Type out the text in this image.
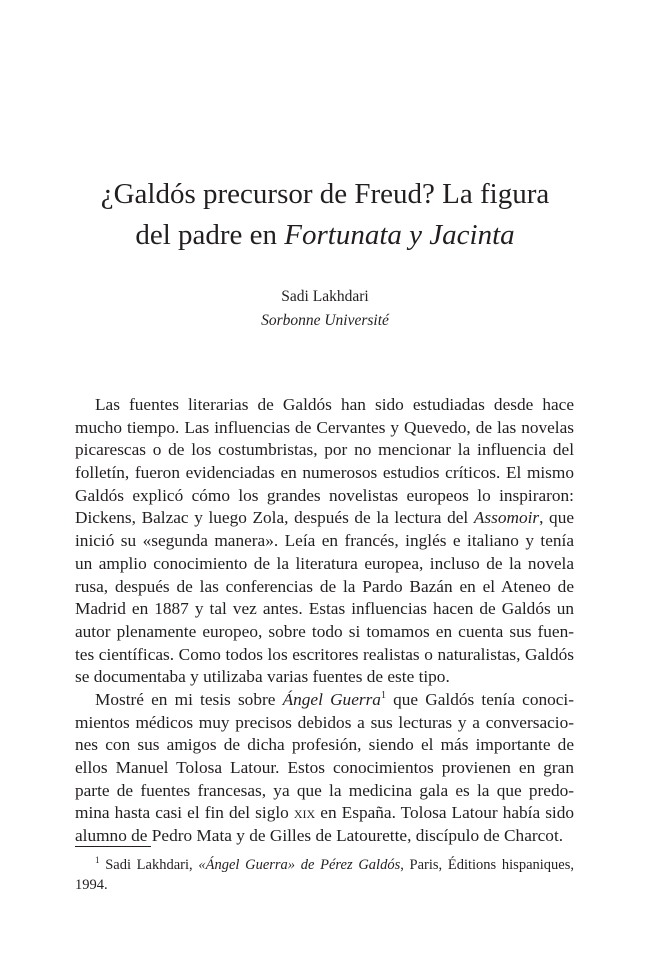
¿Galdós precursor de Freud? La figura
del padre en Fortunata y Jacinta
Sadi Lakhdari
Sorbonne Université
Las fuentes literarias de Galdós han sido estudiadas desde hace
mucho tiempo. Las influencias de Cervantes y Quevedo, de las novelas
picarescas o de los costumbristas, por no mencionar la influencia del
folletín, fueron evidenciadas en numerosos estudios críticos. El mismo
Galdós explicó cómo los grandes novelistas europeos lo inspiraron:
Dickens, Balzac y luego Zola, después de la lectura del Assomoir, que
inició su «segunda manera». Leía en francés, inglés e italiano y tenía
un amplio conocimiento de la literatura europea, incluso de la novela
rusa, después de las conferencias de la Pardo Bazán en el Ateneo de
Madrid en 1887 y tal vez antes. Estas influencias hacen de Galdós un
autor plenamente europeo, sobre todo si tomamos en cuenta sus fuen-
tes científicas. Como todos los escritores realistas o naturalistas, Galdós
se documentaba y utilizaba varias fuentes de este tipo.
Mostré en mi tesis sobre Ángel Guerra$^1$ que Galdós tenía conoci-
mientos médicos muy precisos debidos a sus lecturas y a conversacio-
nes con sus amigos de dicha profesión, siendo el más importante de
ellos Manuel Tolosa Latour. Estos conocimientos provienen en gran
parte de fuentes francesas, ya que la medicina gala es la que predo-
mina hasta casi el fin del siglo xix en España. Tolosa Latour había sido
alumno de Pedro Mata y de Gilles de Latourette, discípulo de Charcot.
$^1$ Sadi Lakhdari, «Ángel Guerra» de Pérez Galdós, Paris, Éditions hispaniques,
1994.
